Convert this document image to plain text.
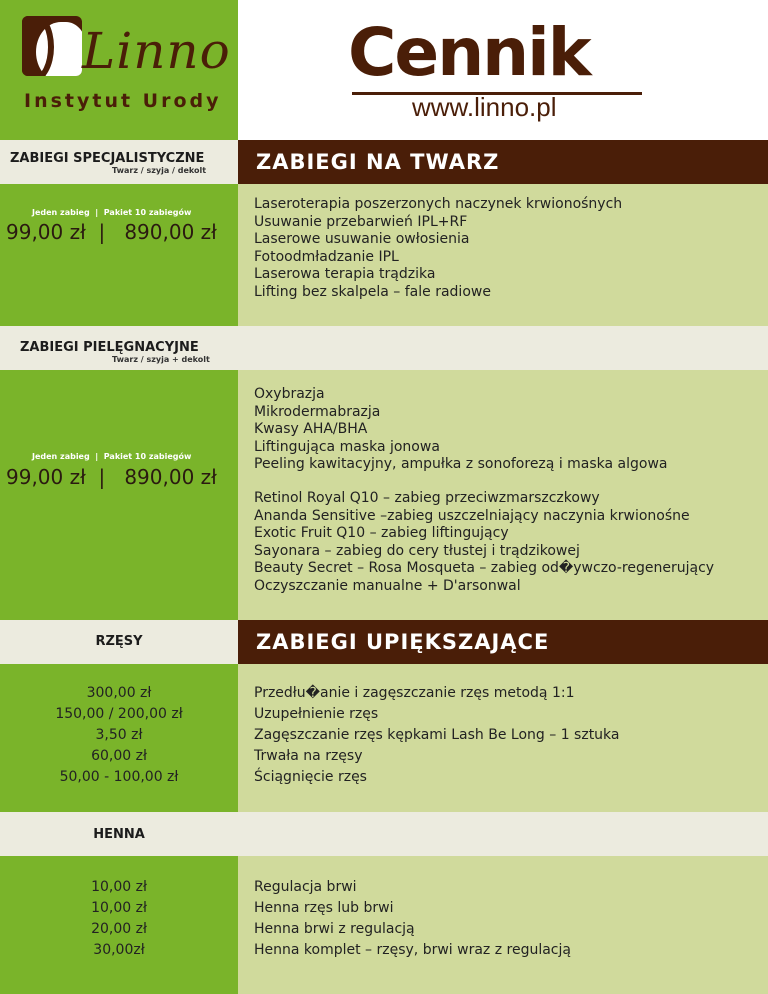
Linno
Instytut Urody
Cennik
www.linno.pl
ZABIEGI SPECJALISTYCZNE
Twarz / szyja / dekolt
Jeden zabieg  |  Pakiet 10 zabiegów
99,00 zł  |   890,00 zł
ZABIEGI NA TWARZ
Laseroterapia poszerzonych naczynek krwionośnych
Usuwanie przebarwień IPL+RF
Laserowe usuwanie owłosienia
Fotoodmładzanie IPL
Laserowa terapia trądzika
Lifting bez skalpela – fale radiowe
ZABIEGI PIELĘGNACYJNE
Twarz / szyja + dekolt
Jeden zabieg  |  Pakiet 10 zabiegów
99,00 zł  |   890,00 zł
Oxybrazja
Mikrodermabrazja
Kwasy AHA/BHA
Liftingująca maska jonowa
Peeling kawitacyjny, ampułka z sonoforezą i maska algowa
Retinol Royal Q10 – zabieg przeciwzmarszczkowy
Ananda Sensitive –zabieg uszczelniający naczynia krwionośne
Exotic Fruit Q10 – zabieg liftingujący
Sayonara – zabieg do cery tłustej i trądzikowej
Beauty Secret – Rosa Mosqueta – zabieg od�ywczo-regenerujący
Oczyszczanie manualne + D'arsonwal
RZĘSY	ZABIEGI UPIĘKSZAJĄCE
300,00 zł
150,00 / 200,00 zł
3,50 zł
60,00 zł
50,00 - 100,00 zł
Przedłu�anie i zagęszczanie rzęs metodą 1:1
Uzupełnienie rzęs
Zagęszczanie rzęs kępkami Lash Be Long – 1 sztuka
Trwała na rzęsy
Ściągnięcie rzęs
HENNA
10,00 zł
10,00 zł
20,00 zł
30,00zł
Regulacja brwi
Henna rzęs lub brwi
Henna brwi z regulacją
Henna komplet – rzęsy, brwi wraz z regulacją
